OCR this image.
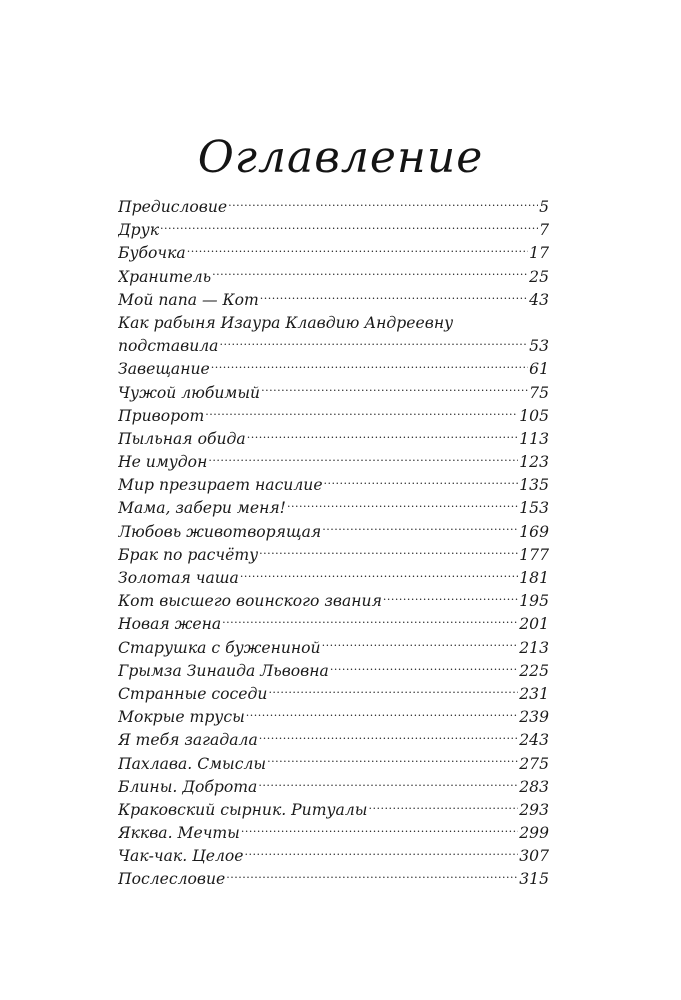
Оглавление
Предисловие .....	5
Друк .....	7
Бубочка .....	17
Хранитель .....	25
Мой папа — Кот .....	43
Как рабыня Изаура Клавдию Андреевну
подставила .....	53
Завещание .....	61
Чужой любимый .....	75
Приворот .....	105
Пыльная обида .....	113
Не имудон .....	123
Мир презирает насилие .....	135
Мама, забери меня! .....	153
Любовь животворящая .....	169
Брак по расчёту .....	177
Золотая чаша .....	181
Кот высшего воинского звания .....	195
Новая жена .....	201
Старушка с бужениной .....	213
Грымза Зинаида Львовна .....	225
Странные соседи .....	231
Мокрые трусы .....	239
Я тебя загадала .....	243
Пахлава. Смыслы .....	275
Блины. Доброта .....	283
Краковский сырник. Ритуалы .....	293
Якква. Мечты .....	299
Чак-чак. Целое .....	307
Послесловие .....	315
